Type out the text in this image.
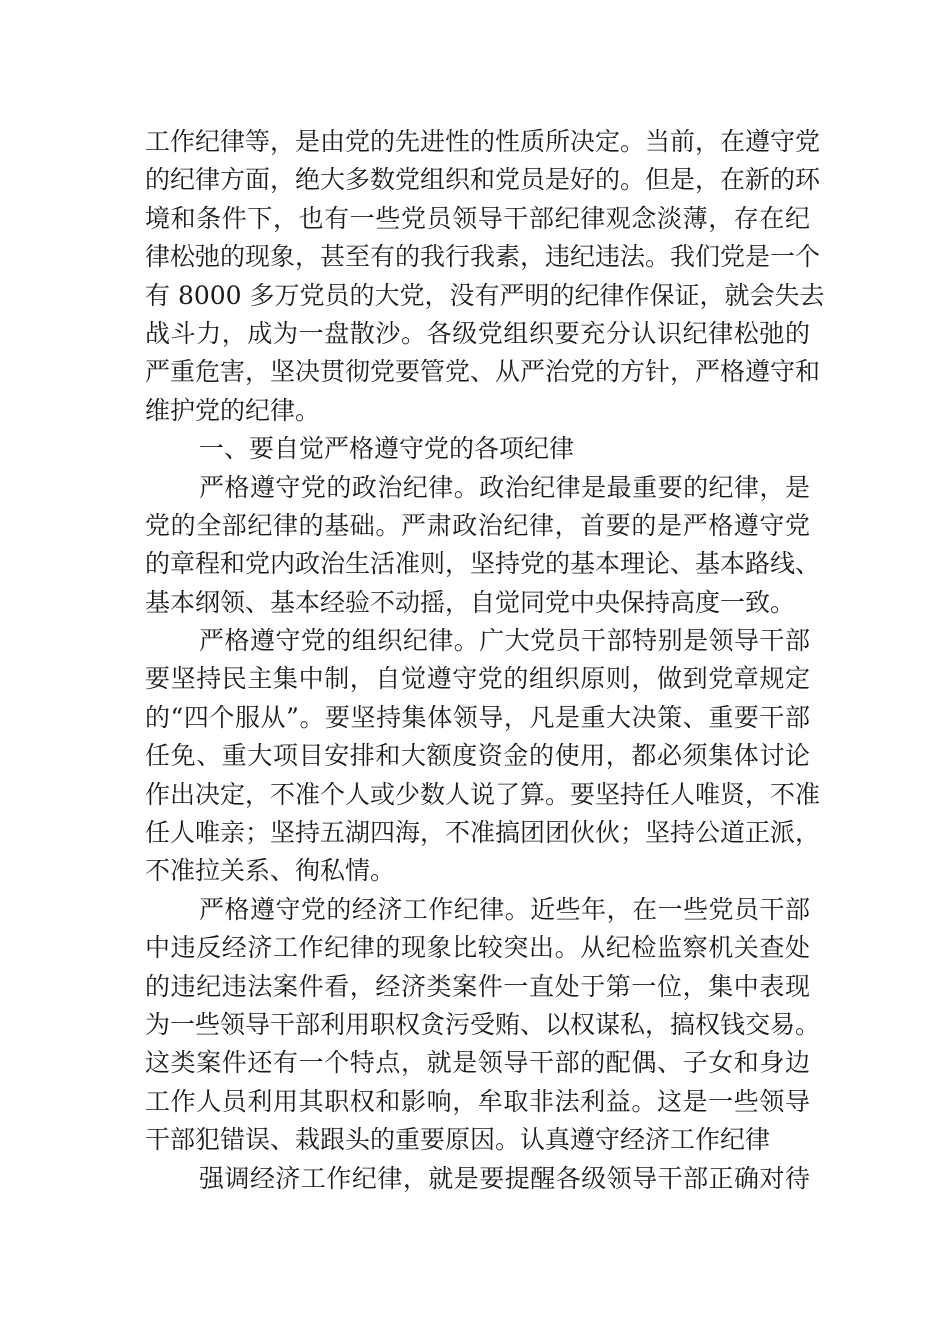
工作纪律等，是由党的先进性的性质所决定。当前，在遵守党
的纪律方面，绝大多数党组织和党员是好的。但是，在新的环
境和条件下，也有一些党员领导干部纪律观念淡薄，存在纪
律松弛的现象，甚至有的我行我素，违纪违法。我们党是一个
有 8000 多万党员的大党，没有严明的纪律作保证，就会失去
战斗力，成为一盘散沙。各级党组织要充分认识纪律松弛的
严重危害，坚决贯彻党要管党、从严治党的方针，严格遵守和
维护党的纪律。
一、要自觉严格遵守党的各项纪律
严格遵守党的政治纪律。政治纪律是最重要的纪律，是
党的全部纪律的基础。严肃政治纪律，首要的是严格遵守党
的章程和党内政治生活准则，坚持党的基本理论、基本路线、
基本纲领、基本经验不动摇，自觉同党中央保持高度一致。
严格遵守党的组织纪律。广大党员干部特别是领导干部
要坚持民主集中制，自觉遵守党的组织原则，做到党章规定
的“四个服从”。要坚持集体领导，凡是重大决策、重要干部
任免、重大项目安排和大额度资金的使用，都必须集体讨论
作出决定，不准个人或少数人说了算。要坚持任人唯贤，不准
任人唯亲；坚持五湖四海，不准搞团团伙伙；坚持公道正派，
不准拉关系、徇私情。
严格遵守党的经济工作纪律。近些年，在一些党员干部
中违反经济工作纪律的现象比较突出。从纪检监察机关查处
的违纪违法案件看，经济类案件一直处于第一位，集中表现
为一些领导干部利用职权贪污受贿、以权谋私，搞权钱交易。
这类案件还有一个特点，就是领导干部的配偶、子女和身边
工作人员利用其职权和影响，牟取非法利益。这是一些领导
干部犯错误、栽跟头的重要原因。认真遵守经济工作纪律
强调经济工作纪律，就是要提醒各级领导干部正确对待
